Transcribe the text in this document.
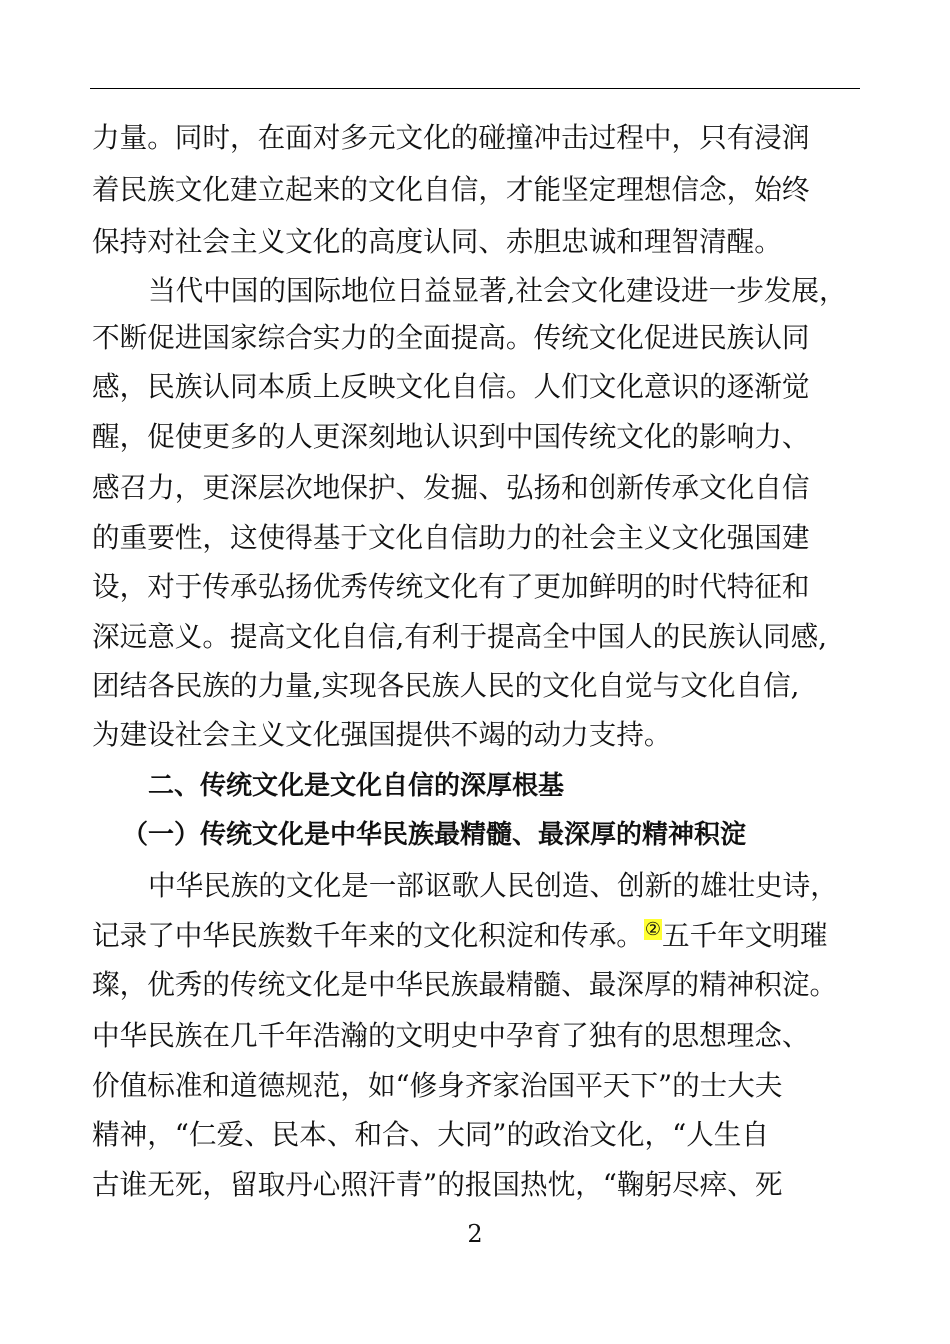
力量。同时，在面对多元文化的碰撞冲击过程中，只有浸润
着民族文化建立起来的文化自信，才能坚定理想信念，始终
保持对社会主义文化的高度认同、赤胆忠诚和理智清醒。
当代中国的国际地位日益显著,社会文化建设进一步发展，
不断促进国家综合实力的全面提高。传统文化促进民族认同
感，民族认同本质上反映文化自信。人们文化意识的逐渐觉
醒，促使更多的人更深刻地认识到中国传统文化的影响力、
感召力，更深层次地保护、发掘、弘扬和创新传承文化自信
的重要性，这使得基于文化自信助力的社会主义文化强国建
设，对于传承弘扬优秀传统文化有了更加鲜明的时代特征和
深远意义。提高文化自信,有利于提高全中国人的民族认同感,
团结各民族的力量,实现各民族人民的文化自觉与文化自信,
为建设社会主义文化强国提供不竭的动力支持。
二、传统文化是文化自信的深厚根基
（一）传统文化是中华民族最精髓、最深厚的精神积淀
中华民族的文化是一部讴歌人民创造、创新的雄壮史诗，
记录了中华民族数千年来的文化积淀和传承。②五千年文明璀
璨，优秀的传统文化是中华民族最精髓、最深厚的精神积淀。
中华民族在几千年浩瀚的文明史中孕育了独有的思想理念、
价值标准和道德规范，如“修身齐家治国平天下”的士大夫
精神，“仁爱、民本、和合、大同”的政治文化，“人生自
古谁无死，留取丹心照汗青”的报国热忱，“鞠躬尽瘁、死
2
